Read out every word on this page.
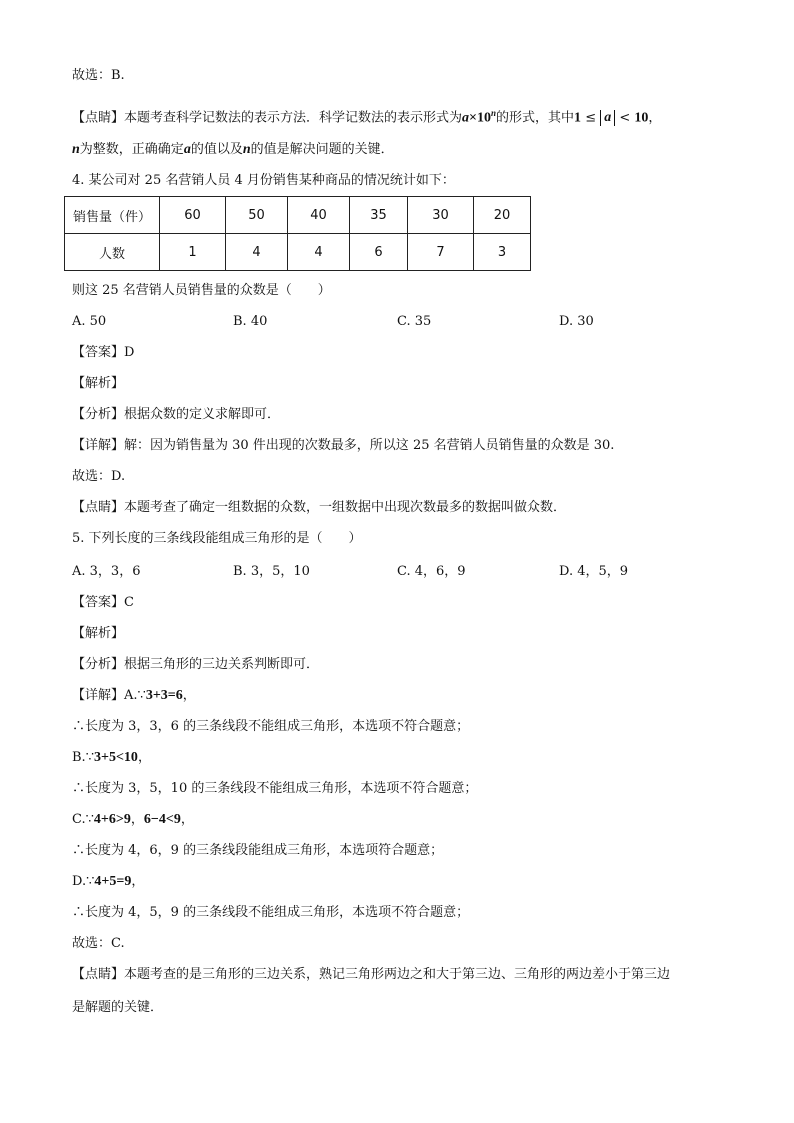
故选：B.
【点睛】本题考查科学记数法的表示方法．科学记数法的表示形式为$a\times 10^n$的形式，其中1 ≤ a < 10，
n为整数，正确确定a的值以及n的值是解决问题的关键．
4. 某公司对 25 名营销人员 4 月份销售某种商品的情况统计如下：
销售量（件）	60	50	40	35	30	20
人数	1	4	4	6	7	3
则这 25 名营销人员销售量的众数是（　　）
A. 50	B. 40	C. 35	D. 30
【答案】D
【解析】
【分析】根据众数的定义求解即可．
【详解】解：因为销售量为 30 件出现的次数最多，所以这 25 名营销人员销售量的众数是 30.
故选：D.
【点睛】本题考查了确定一组数据的众数，一组数据中出现次数最多的数据叫做众数．
5. 下列长度的三条线段能组成三角形的是（　　）
A. 3，3，6	B. 3，5，10	C. 4，6，9	D. 4，5，9
【答案】C
【解析】
【分析】根据三角形的三边关系判断即可．
【详解】A.∵3+3=6，
∴长度为 3，3，6 的三条线段不能组成三角形，本选项不符合题意；
B.∵3+5<10，
∴长度为 3，5，10 的三条线段不能组成三角形，本选项不符合题意；
C.∵4+6>9，6−4<9，
∴长度为 4，6，9 的三条线段能组成三角形，本选项符合题意；
D.∵4+5=9，
∴长度为 4，5，9 的三条线段不能组成三角形，本选项不符合题意；
故选：C.
【点睛】本题考查的是三角形的三边关系，熟记三角形两边之和大于第三边、三角形的两边差小于第三边
是解题的关键．
